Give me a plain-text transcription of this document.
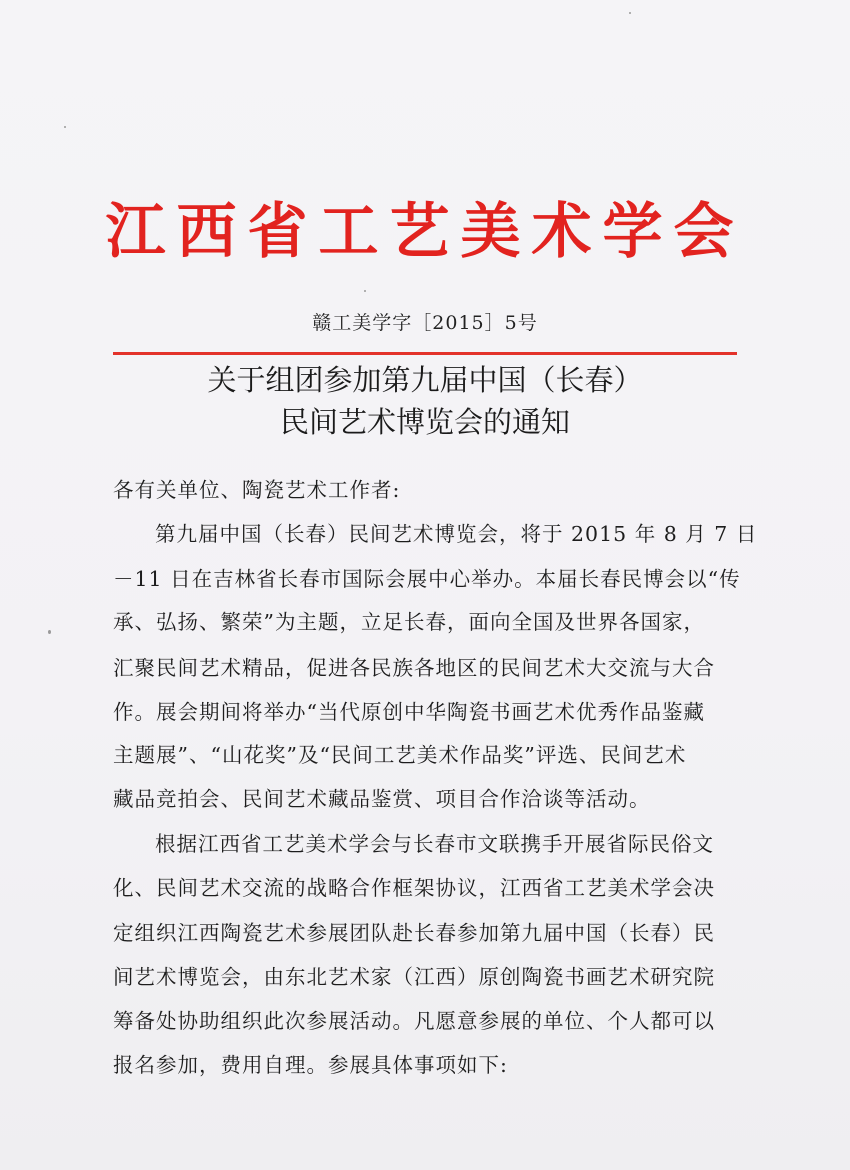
江西省工艺美术学会
赣工美学字［2015］5号
关于组团参加第九届中国（长春）
民间艺术博览会的通知
各有关单位、陶瓷艺术工作者:
第九届中国（长春）民间艺术博览会，将于 2015 年 8 月 7 日
－11 日在吉林省长春市国际会展中心举办。本届长春民博会以“传
承、弘扬、繁荣”为主题，立足长春，面向全国及世界各国家，
汇聚民间艺术精品，促进各民族各地区的民间艺术大交流与大合
作。展会期间将举办“当代原创中华陶瓷书画艺术优秀作品鉴藏
主题展”、“山花奖”及“民间工艺美术作品奖”评选、民间艺术
藏品竞拍会、民间艺术藏品鉴赏、项目合作洽谈等活动。
根据江西省工艺美术学会与长春市文联携手开展省际民俗文
化、民间艺术交流的战略合作框架协议，江西省工艺美术学会决
定组织江西陶瓷艺术参展团队赴长春参加第九届中国（长春）民
间艺术博览会，由东北艺术家（江西）原创陶瓷书画艺术研究院
筹备处协助组织此次参展活动。凡愿意参展的单位、个人都可以
报名参加，费用自理。参展具体事项如下:
